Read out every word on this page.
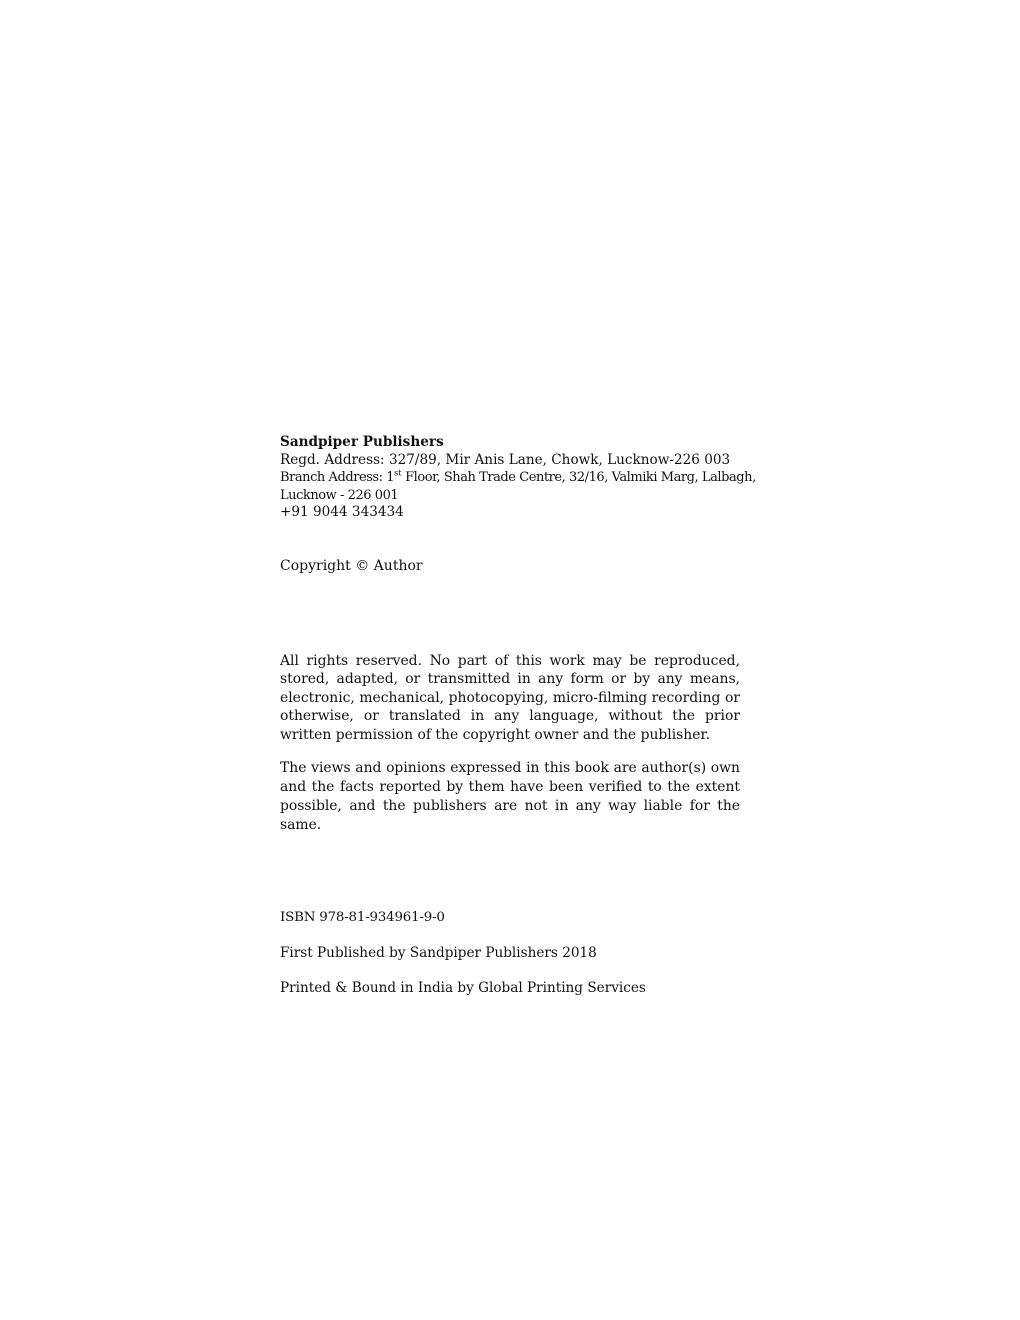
Sandpiper Publishers
Regd. Address: 327/89, Mir Anis Lane, Chowk, Lucknow-226 003
Branch Address: 1st Floor, Shah Trade Centre, 32/16, Valmiki Marg, Lalbagh,
Lucknow - 226 001
+91 9044 343434
Copyright © Author
All rights reserved. No part of this work may be reproduced, stored, adapted, or transmitted in any form or by any means, electronic, mechanical, photocopying, micro-filming recording or otherwise, or translated in any language, without the prior written permission of the copyright owner and the publisher.
The views and opinions expressed in this book are author(s) own and the facts reported by them have been verified to the extent possible, and the publishers are not in any way liable for the same.
ISBN 978-81-934961-9-0
First Published by Sandpiper Publishers 2018
Printed & Bound in India by Global Printing Services
